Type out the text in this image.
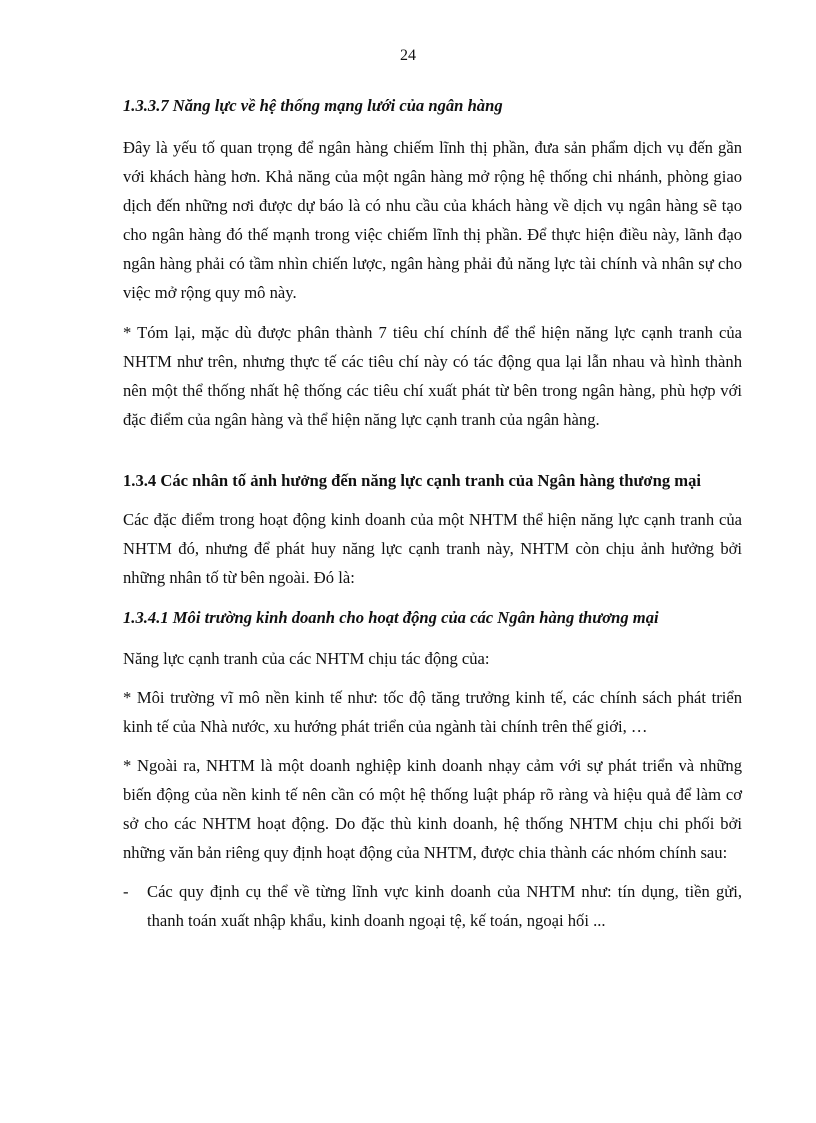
24
1.3.3.7 Năng lực về hệ thống mạng lưới của ngân hàng

Đây là yếu tố quan trọng để ngân hàng chiếm lĩnh thị phần, đưa sản phẩm dịch vụ đến gần với khách hàng hơn. Khả năng của một ngân hàng mở rộng hệ thống chi nhánh, phòng giao dịch đến những nơi được dự báo là có nhu cầu của khách hàng về dịch vụ ngân hàng sẽ tạo cho ngân hàng đó thế mạnh trong việc chiếm lĩnh thị phần. Để thực hiện điều này, lãnh đạo ngân hàng phải có tầm nhìn chiến lược, ngân hàng phải đủ năng lực tài chính và nhân sự cho việc mở rộng quy mô này.

* Tóm lại, mặc dù được phân thành 7 tiêu chí chính để thể hiện năng lực cạnh tranh của NHTM như trên, nhưng thực tế các tiêu chí này có tác động qua lại lẫn nhau và hình thành nên một thể thống nhất hệ thống các tiêu chí xuất phát từ bên trong ngân hàng, phù hợp với đặc điểm của ngân hàng và thể hiện năng lực cạnh tranh của ngân hàng.

1.3.4 Các nhân tố ảnh hưởng đến năng lực cạnh tranh của Ngân hàng thương mại

Các đặc điểm trong hoạt động kinh doanh của một NHTM thể hiện năng lực cạnh tranh của NHTM đó, nhưng để phát huy năng lực cạnh tranh này, NHTM còn chịu ảnh hưởng bởi những nhân tố từ bên ngoài. Đó là:

1.3.4.1 Môi trường kinh doanh cho hoạt động của các Ngân hàng thương mại

Năng lực cạnh tranh của các NHTM chịu tác động của:

* Môi trường vĩ mô nền kinh tế như: tốc độ tăng trưởng kinh tế, các chính sách phát triển kinh tế của Nhà nước, xu hướng phát triển của ngành tài chính trên thế giới, …

* Ngoài ra, NHTM là một doanh nghiệp kinh doanh nhạy cảm với sự phát triển và những biến động của nền kinh tế nên cần có một hệ thống luật pháp rõ ràng và hiệu quả để làm cơ sở cho các NHTM hoạt động. Do đặc thù kinh doanh, hệ thống NHTM chịu chi phối bởi những văn bản riêng quy định hoạt động của NHTM, được chia thành các nhóm chính sau:

-	Các quy định cụ thể về từng lĩnh vực kinh doanh của NHTM như: tín dụng, tiền gửi, thanh toán xuất nhập khẩu, kinh doanh ngoại tệ, kế toán, ngoại hối ...
